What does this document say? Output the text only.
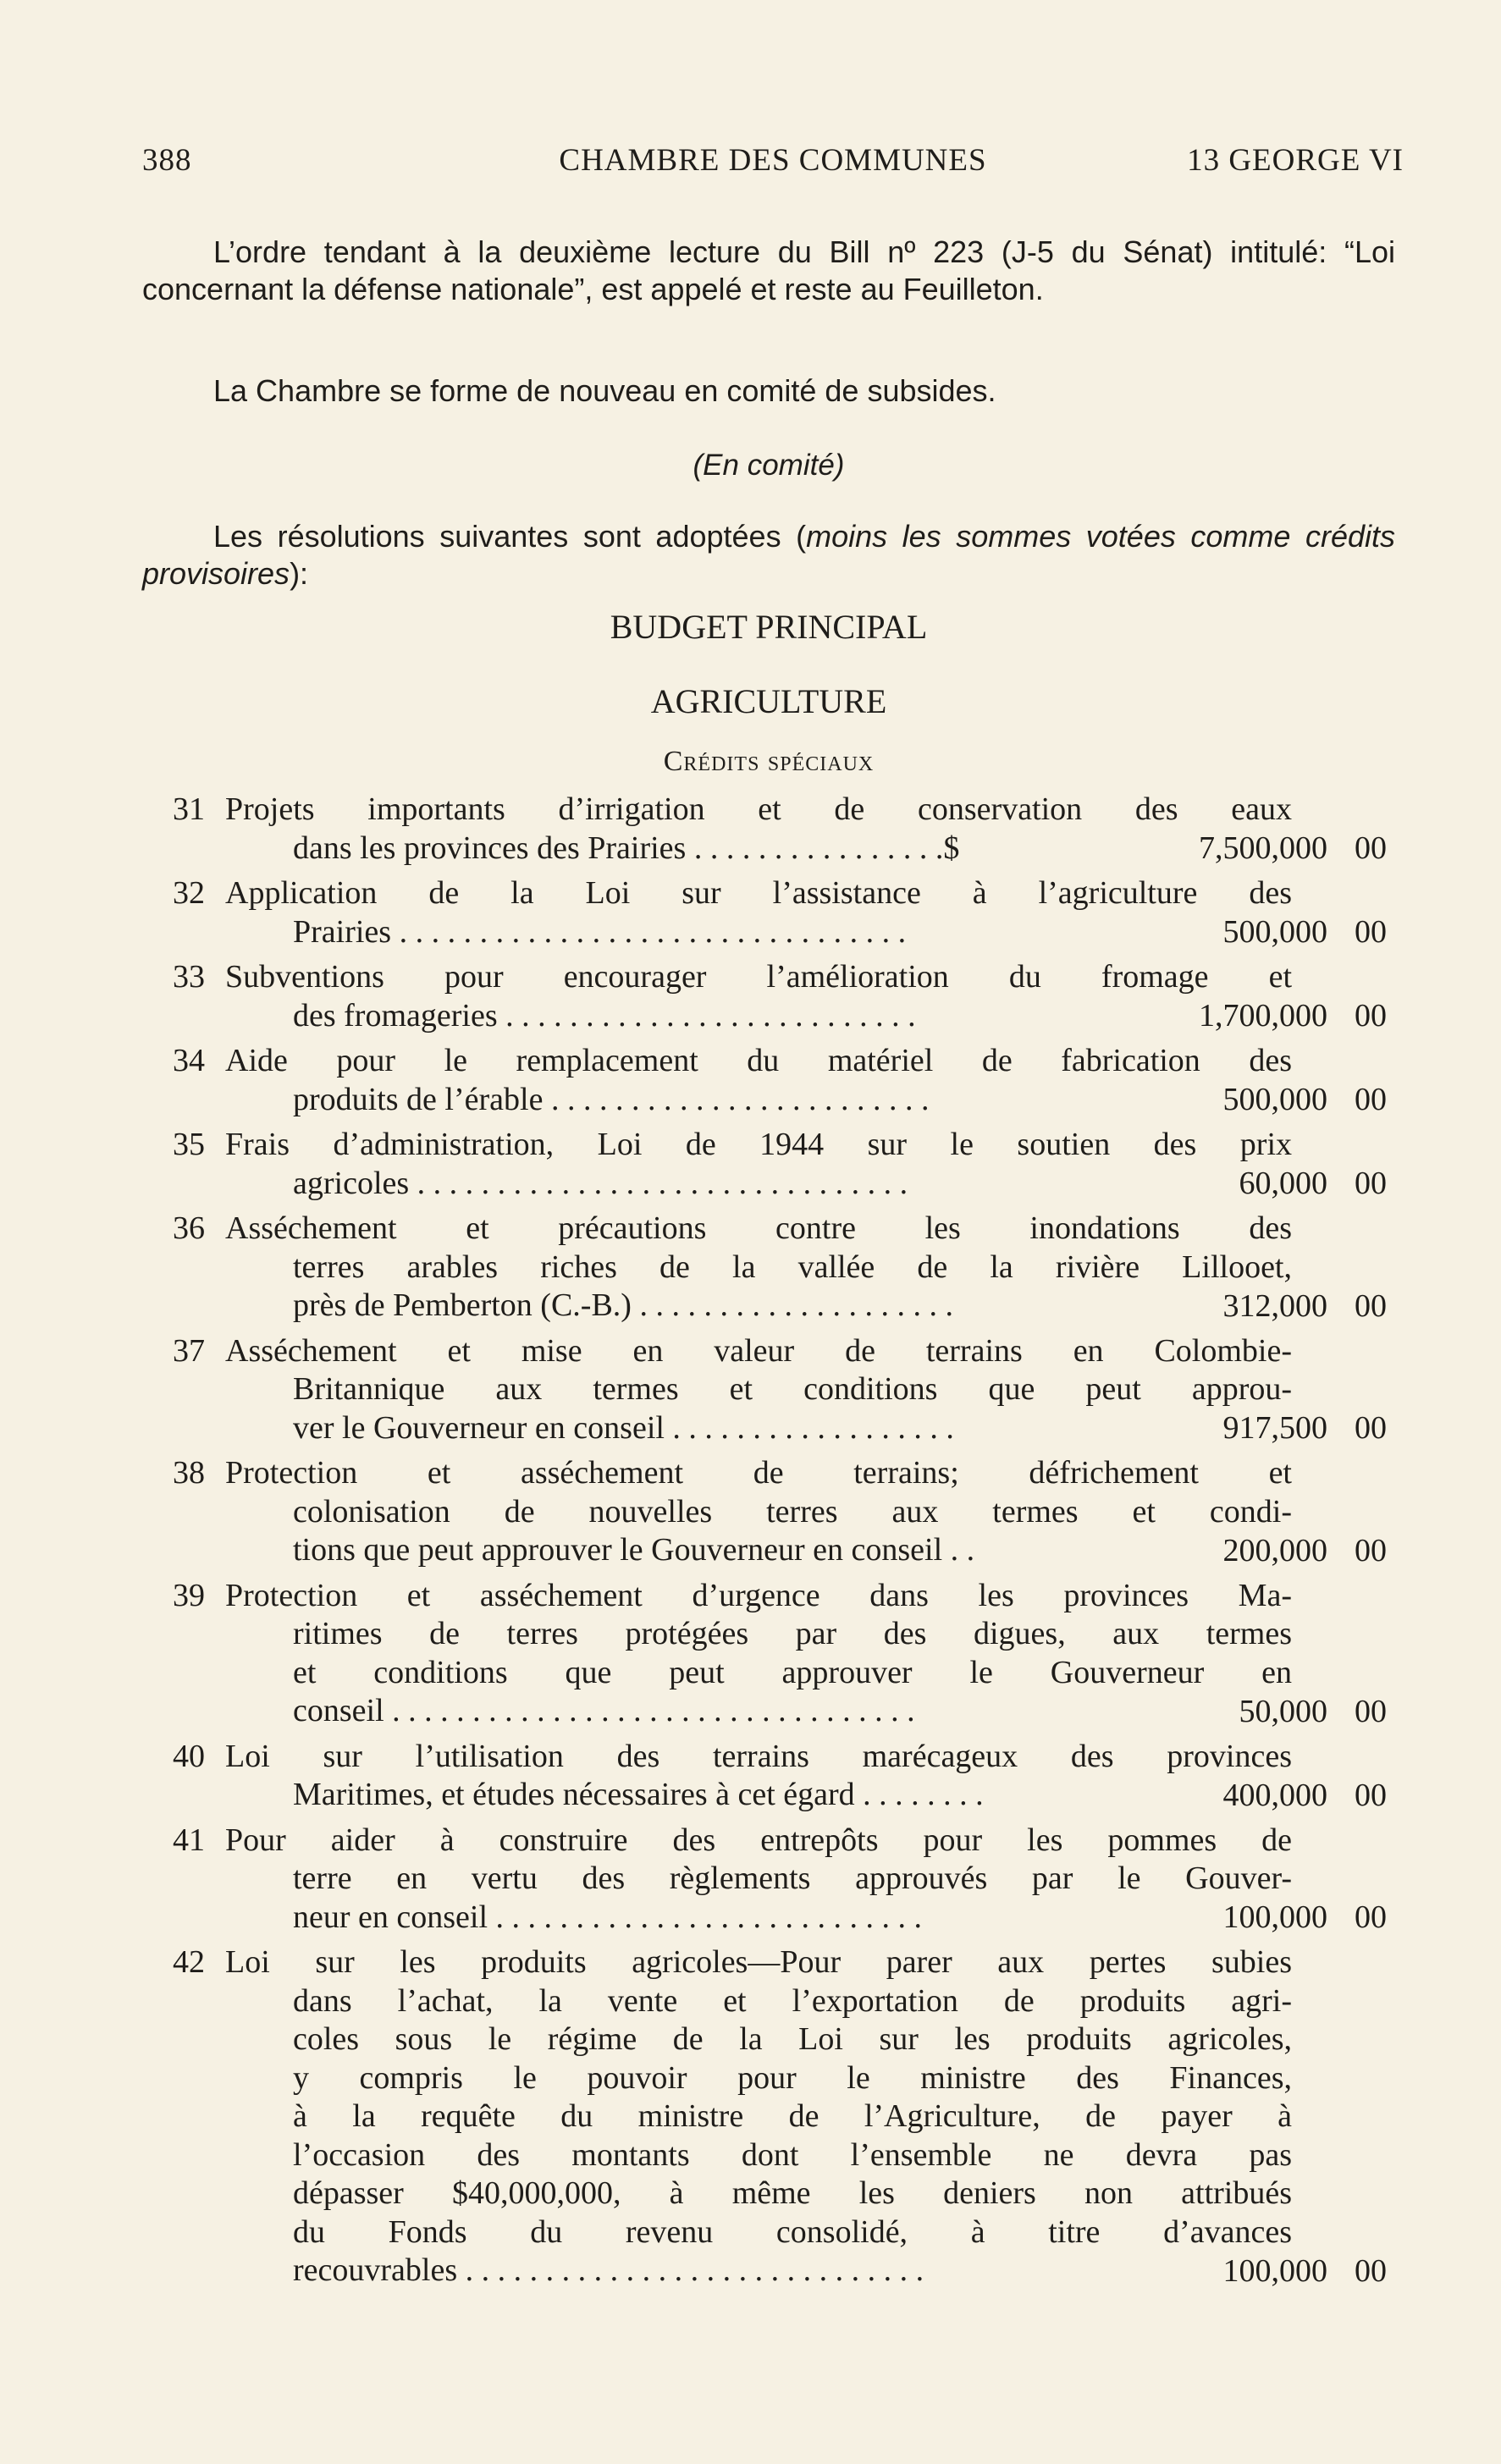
388	CHAMBRE DES COMMUNES	13 GEORGE VI
L’ordre tendant à la deuxième lecture du Bill nº 223 (J-5 du Sénat) intitulé: “Loi concernant la défense nationale”, est appelé et reste au Feuilleton.
La Chambre se forme de nouveau en comité de subsides.
(En comité)
Les résolutions suivantes sont adoptées (moins les sommes votées comme crédits provisoires):
BUDGET PRINCIPAL
AGRICULTURE
Crédits spéciaux
31 Projets importants d’irrigation et de conservation des eaux
dans les provinces des Prairies . . . . . . . . . . . . . . . .$	7,500,000 00
32 Application de la Loi sur l’assistance à l’agriculture des
Prairies . . . . . . . . . . . . . . . . . . . . . . . . . . . . . . . .	500,000 00
33 Subventions pour encourager l’amélioration du fromage et
des fromageries . . . . . . . . . . . . . . . . . . . . . . . . . .	1,700,000 00
34 Aide pour le remplacement du matériel de fabrication des
produits de l’érable . . . . . . . . . . . . . . . . . . . . . . . .	500,000 00
35 Frais d’administration, Loi de 1944 sur le soutien des prix
agricoles . . . . . . . . . . . . . . . . . . . . . . . . . . . . . . .	60,000 00
36 Asséchement et précautions contre les inondations des
terres arables riches de la vallée de la rivière Lillooet,
près de Pemberton (C.-B.) . . . . . . . . . . . . . . . . . . . .	312,000 00
37 Asséchement et mise en valeur de terrains en Colombie-
Britannique aux termes et conditions que peut approu-
ver le Gouverneur en conseil . . . . . . . . . . . . . . . . . .	917,500 00
38 Protection et asséchement de terrains; défrichement et
colonisation de nouvelles terres aux termes et condi-
tions que peut approuver le Gouverneur en conseil . .	200,000 00
39 Protection et asséchement d’urgence dans les provinces Ma-
ritimes de terres protégées par des digues, aux termes
et conditions que peut approuver le Gouverneur en
conseil . . . . . . . . . . . . . . . . . . . . . . . . . . . . . . . . .	50,000 00
40 Loi sur l’utilisation des terrains marécageux des provinces
Maritimes, et études nécessaires à cet égard . . . . . . . .	400,000 00
41 Pour aider à construire des entrepôts pour les pommes de
terre en vertu des règlements approuvés par le Gouver-
neur en conseil . . . . . . . . . . . . . . . . . . . . . . . . . . .	100,000 00
42 Loi sur les produits agricoles—Pour parer aux pertes subies
dans l’achat, la vente et l’exportation de produits agri-
coles sous le régime de la Loi sur les produits agricoles,
y compris le pouvoir pour le ministre des Finances,
à la requête du ministre de l’Agriculture, de payer à
l’occasion des montants dont l’ensemble ne devra pas
dépasser $40,000,000, à même les deniers non attribués
du Fonds du revenu consolidé, à titre d’avances
recouvrables . . . . . . . . . . . . . . . . . . . . . . . . . . . . .	100,000 00
